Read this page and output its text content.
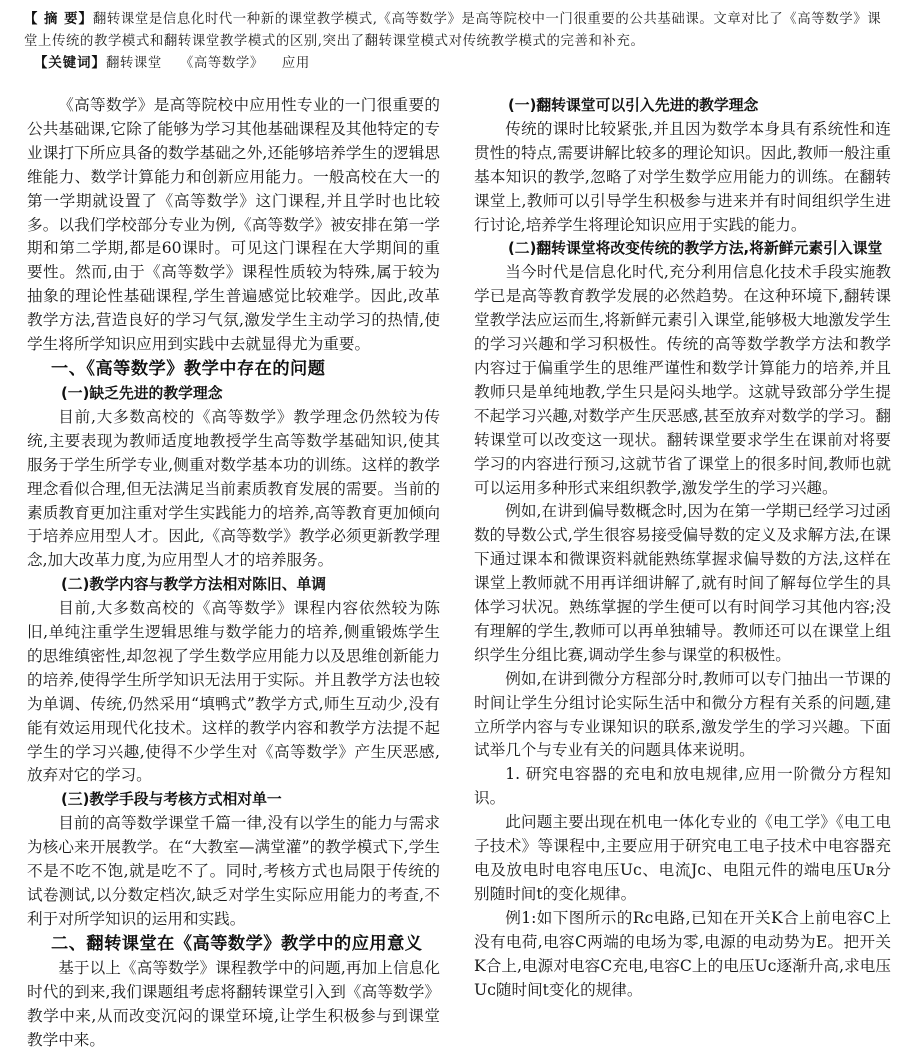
【 摘 要】翻转课堂是信息化时代一种新的课堂教学模式,《高等数学》是高等院校中一门很重要的公共基础课。文章对比了《高等数学》课堂上传统的教学模式和翻转课堂教学模式的区别,突出了翻转课堂模式对传统教学模式的完善和补充。

【关键词】翻转课堂 《高等数学》 应用

《高等数学》是高等院校中应用性专业的一门很重要的公共基础课,它除了能够为学习其他基础课程及其他特定的专业课打下所应具备的数学基础之外,还能够培养学生的逻辑思维能力、数学计算能力和创新应用能力。一般高校在大一的第一学期就设置了《高等数学》这门课程,并且学时也比较多。以我们学校部分专业为例,《高等数学》被安排在第一学期和第二学期,都是60课时。可见这门课程在大学期间的重要性。然而,由于《高等数学》课程性质较为特殊,属于较为抽象的理论性基础课程,学生普遍感觉比较难学。因此,改革教学方法,营造良好的学习气氛,激发学生主动学习的热情,使学生将所学知识应用到实践中去就显得尤为重要。

一、《高等数学》教学中存在的问题

(一)缺乏先进的教学理念

目前,大多数高校的《高等数学》教学理念仍然较为传统,主要表现为教师适度地教授学生高等数学基础知识,使其服务于学生所学专业,侧重对数学基本功的训练。这样的教学理念看似合理,但无法满足当前素质教育发展的需要。当前的素质教育更加注重对学生实践能力的培养,高等教育更加倾向于培养应用型人才。因此,《高等数学》教学必须更新教学理念,加大改革力度,为应用型人才的培养服务。

(二)教学内容与教学方法相对陈旧、单调

目前,大多数高校的《高等数学》课程内容依然较为陈旧,单纯注重学生逻辑思维与数学能力的培养,侧重锻炼学生的思维缜密性,却忽视了学生数学应用能力以及思维创新能力的培养,使得学生所学知识无法用于实际。并且教学方法也较为单调、传统,仍然采用“填鸭式”教学方式,师生互动少,没有能有效运用现代化技术。这样的教学内容和教学方法提不起学生的学习兴趣,使得不少学生对《高等数学》产生厌恶感,放弃对它的学习。

(三)教学手段与考核方式相对单一

目前的高等数学课堂千篇一律,没有以学生的能力与需求为核心来开展教学。在“大教室—满堂灌”的教学模式下,学生不是不吃不饱,就是吃不了。同时,考核方式也局限于传统的试卷测试,以分数定档次,缺乏对学生实际应用能力的考查,不利于对所学知识的运用和实践。

二、翻转课堂在《高等数学》教学中的应用意义

基于以上《高等数学》课程教学中的问题,再加上信息化时代的到来,我们课题组考虑将翻转课堂引入到《高等数学》教学中来,从而改变沉闷的课堂环境,让学生积极参与到课堂教学中来。

(一)翻转课堂可以引入先进的教学理念

传统的课时比较紧张,并且因为数学本身具有系统性和连贯性的特点,需要讲解比较多的理论知识。因此,教师一般注重基本知识的教学,忽略了对学生数学应用能力的训练。在翻转课堂上,教师可以引导学生积极参与进来并有时间组织学生进行讨论,培养学生将理论知识应用于实践的能力。

(二)翻转课堂将改变传统的教学方法,将新鲜元素引入课堂

当今时代是信息化时代,充分利用信息化技术手段实施教学已是高等教育教学发展的必然趋势。在这种环境下,翻转课堂教学法应运而生,将新鲜元素引入课堂,能够极大地激发学生的学习兴趣和学习积极性。传统的高等数学教学方法和教学内容过于偏重学生的思维严谨性和数学计算能力的培养,并且教师只是单纯地教,学生只是闷头地学。这就导致部分学生提不起学习兴趣,对数学产生厌恶感,甚至放弃对数学的学习。翻转课堂可以改变这一现状。翻转课堂要求学生在课前对将要学习的内容进行预习,这就节省了课堂上的很多时间,教师也就可以运用多种形式来组织教学,激发学生的学习兴趣。

例如,在讲到偏导数概念时,因为在第一学期已经学习过函数的导数公式,学生很容易接受偏导数的定义及求解方法,在课下通过课本和微课资料就能熟练掌握求偏导数的方法,这样在课堂上教师就不用再详细讲解了,就有时间了解每位学生的具体学习状况。熟练掌握的学生便可以有时间学习其他内容;没有理解的学生,教师可以再单独辅导。教师还可以在课堂上组织学生分组比赛,调动学生参与课堂的积极性。

例如,在讲到微分方程部分时,教师可以专门抽出一节课的时间让学生分组讨论实际生活中和微分方程有关系的问题,建立所学内容与专业课知识的联系,激发学生的学习兴趣。下面试举几个与专业有关的问题具体来说明。

1. 研究电容器的充电和放电规律,应用一阶微分方程知识。

此问题主要出现在机电一体化专业的《电工学》《电工电子技术》等课程中,主要应用于研究电工电子技术中电容器充电及放电时电容电压Uᴄ、电流Jᴄ、电阻元件的端电压Uʀ分别随时间t的变化规律。

例1:如下图所示的Rᴄ电路,已知在开关K合上前电容C上没有电荷,电容C两端的电场为零,电源的电动势为E。把开关K合上,电源对电容C充电,电容C上的电压Uᴄ逐渐升高,求电压Uᴄ随时间t变化的规律。
